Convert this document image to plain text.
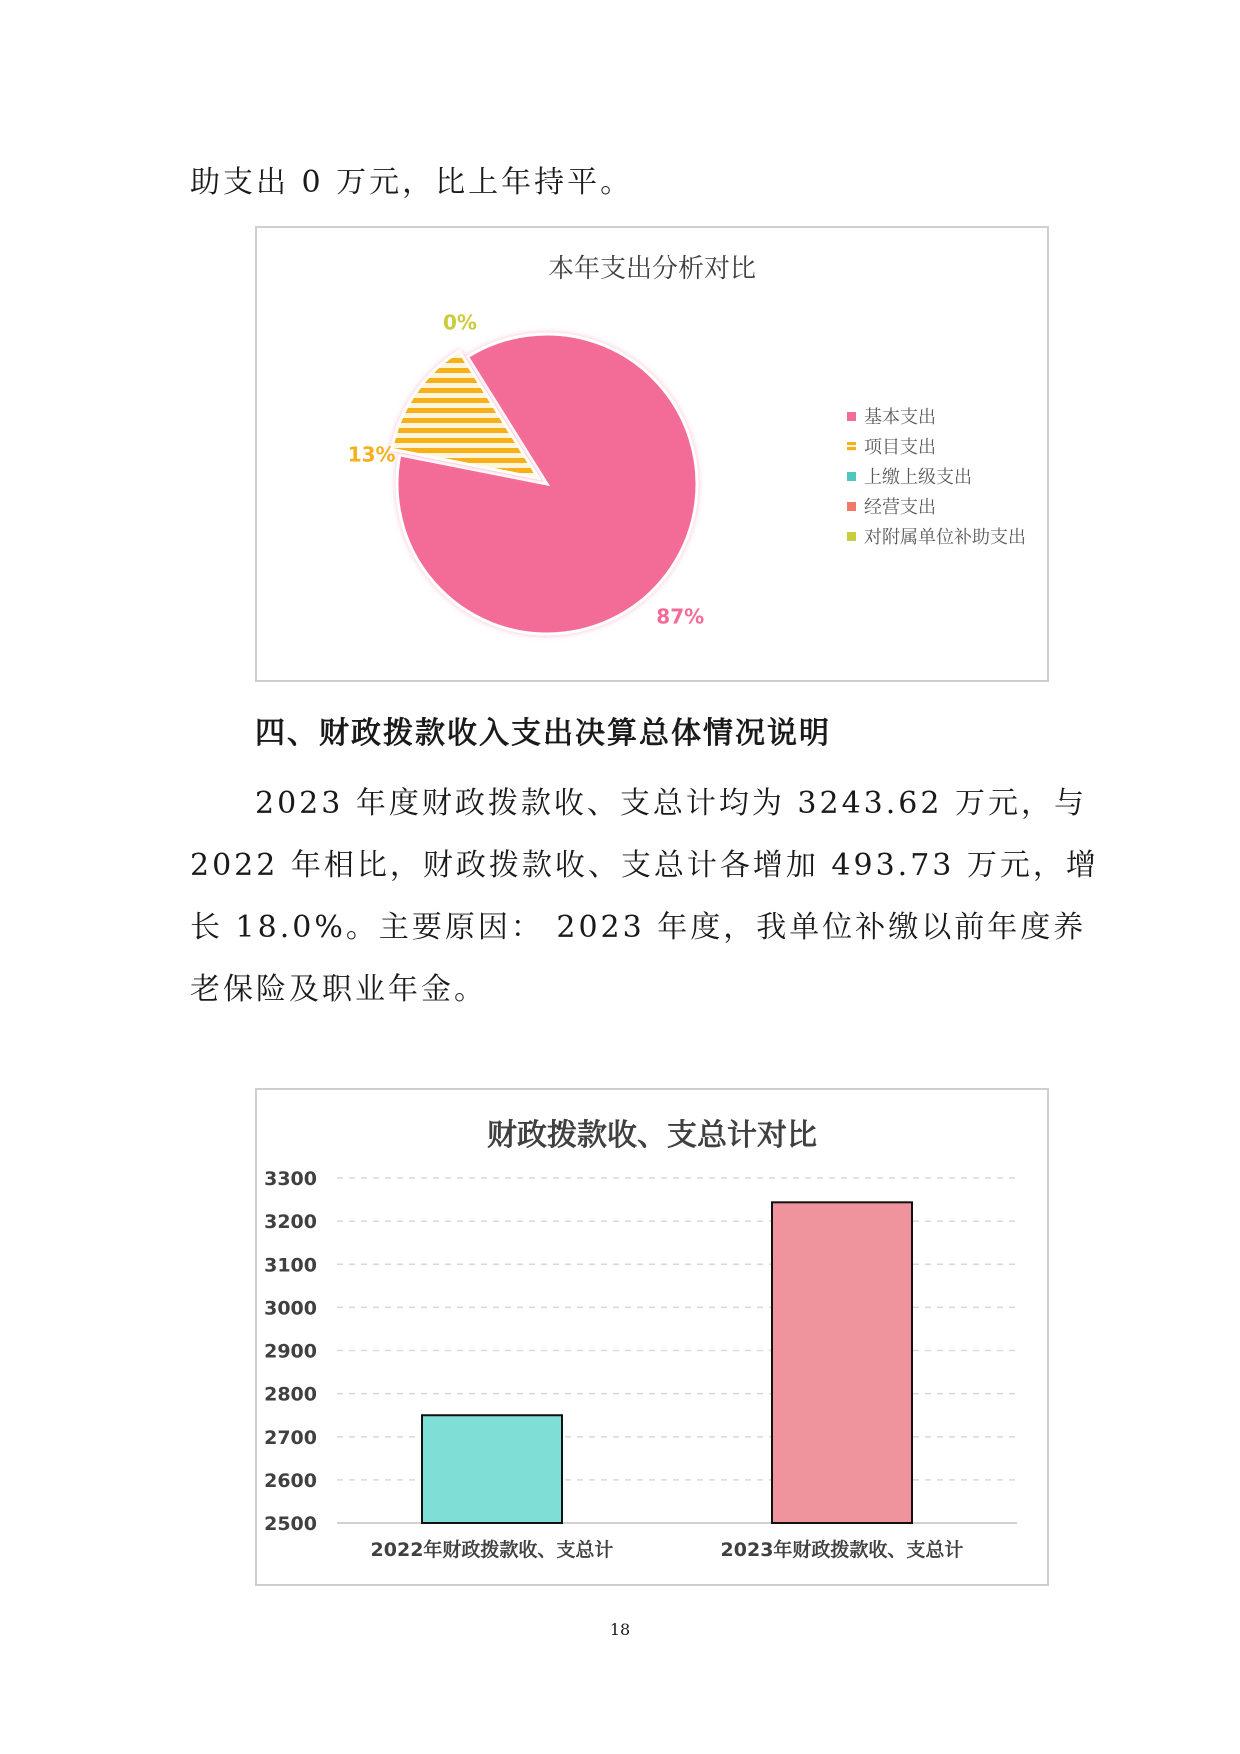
助支出 0 万元，比上年持平。
本年支出分析对比
87%
13%
0%
基本支出
项目支出
上缴上级支出
经营支出
对附属单位补助支出
四、财政拨款收入支出决算总体情况说明
2023 年度财政拨款收、支总计均为 3243.62 万元，与
2022 年相比，财政拨款收、支总计各增加 493.73 万元，增
长 18.0%。主要原因： 2023 年度，我单位补缴以前年度养
老保险及职业年金。
财政拨款收、支总计对比
2500
2600
2700
2800
2900
3000
3100
3200
3300
2022年财政拨款收、支总计	2023年财政拨款收、支总计
18
